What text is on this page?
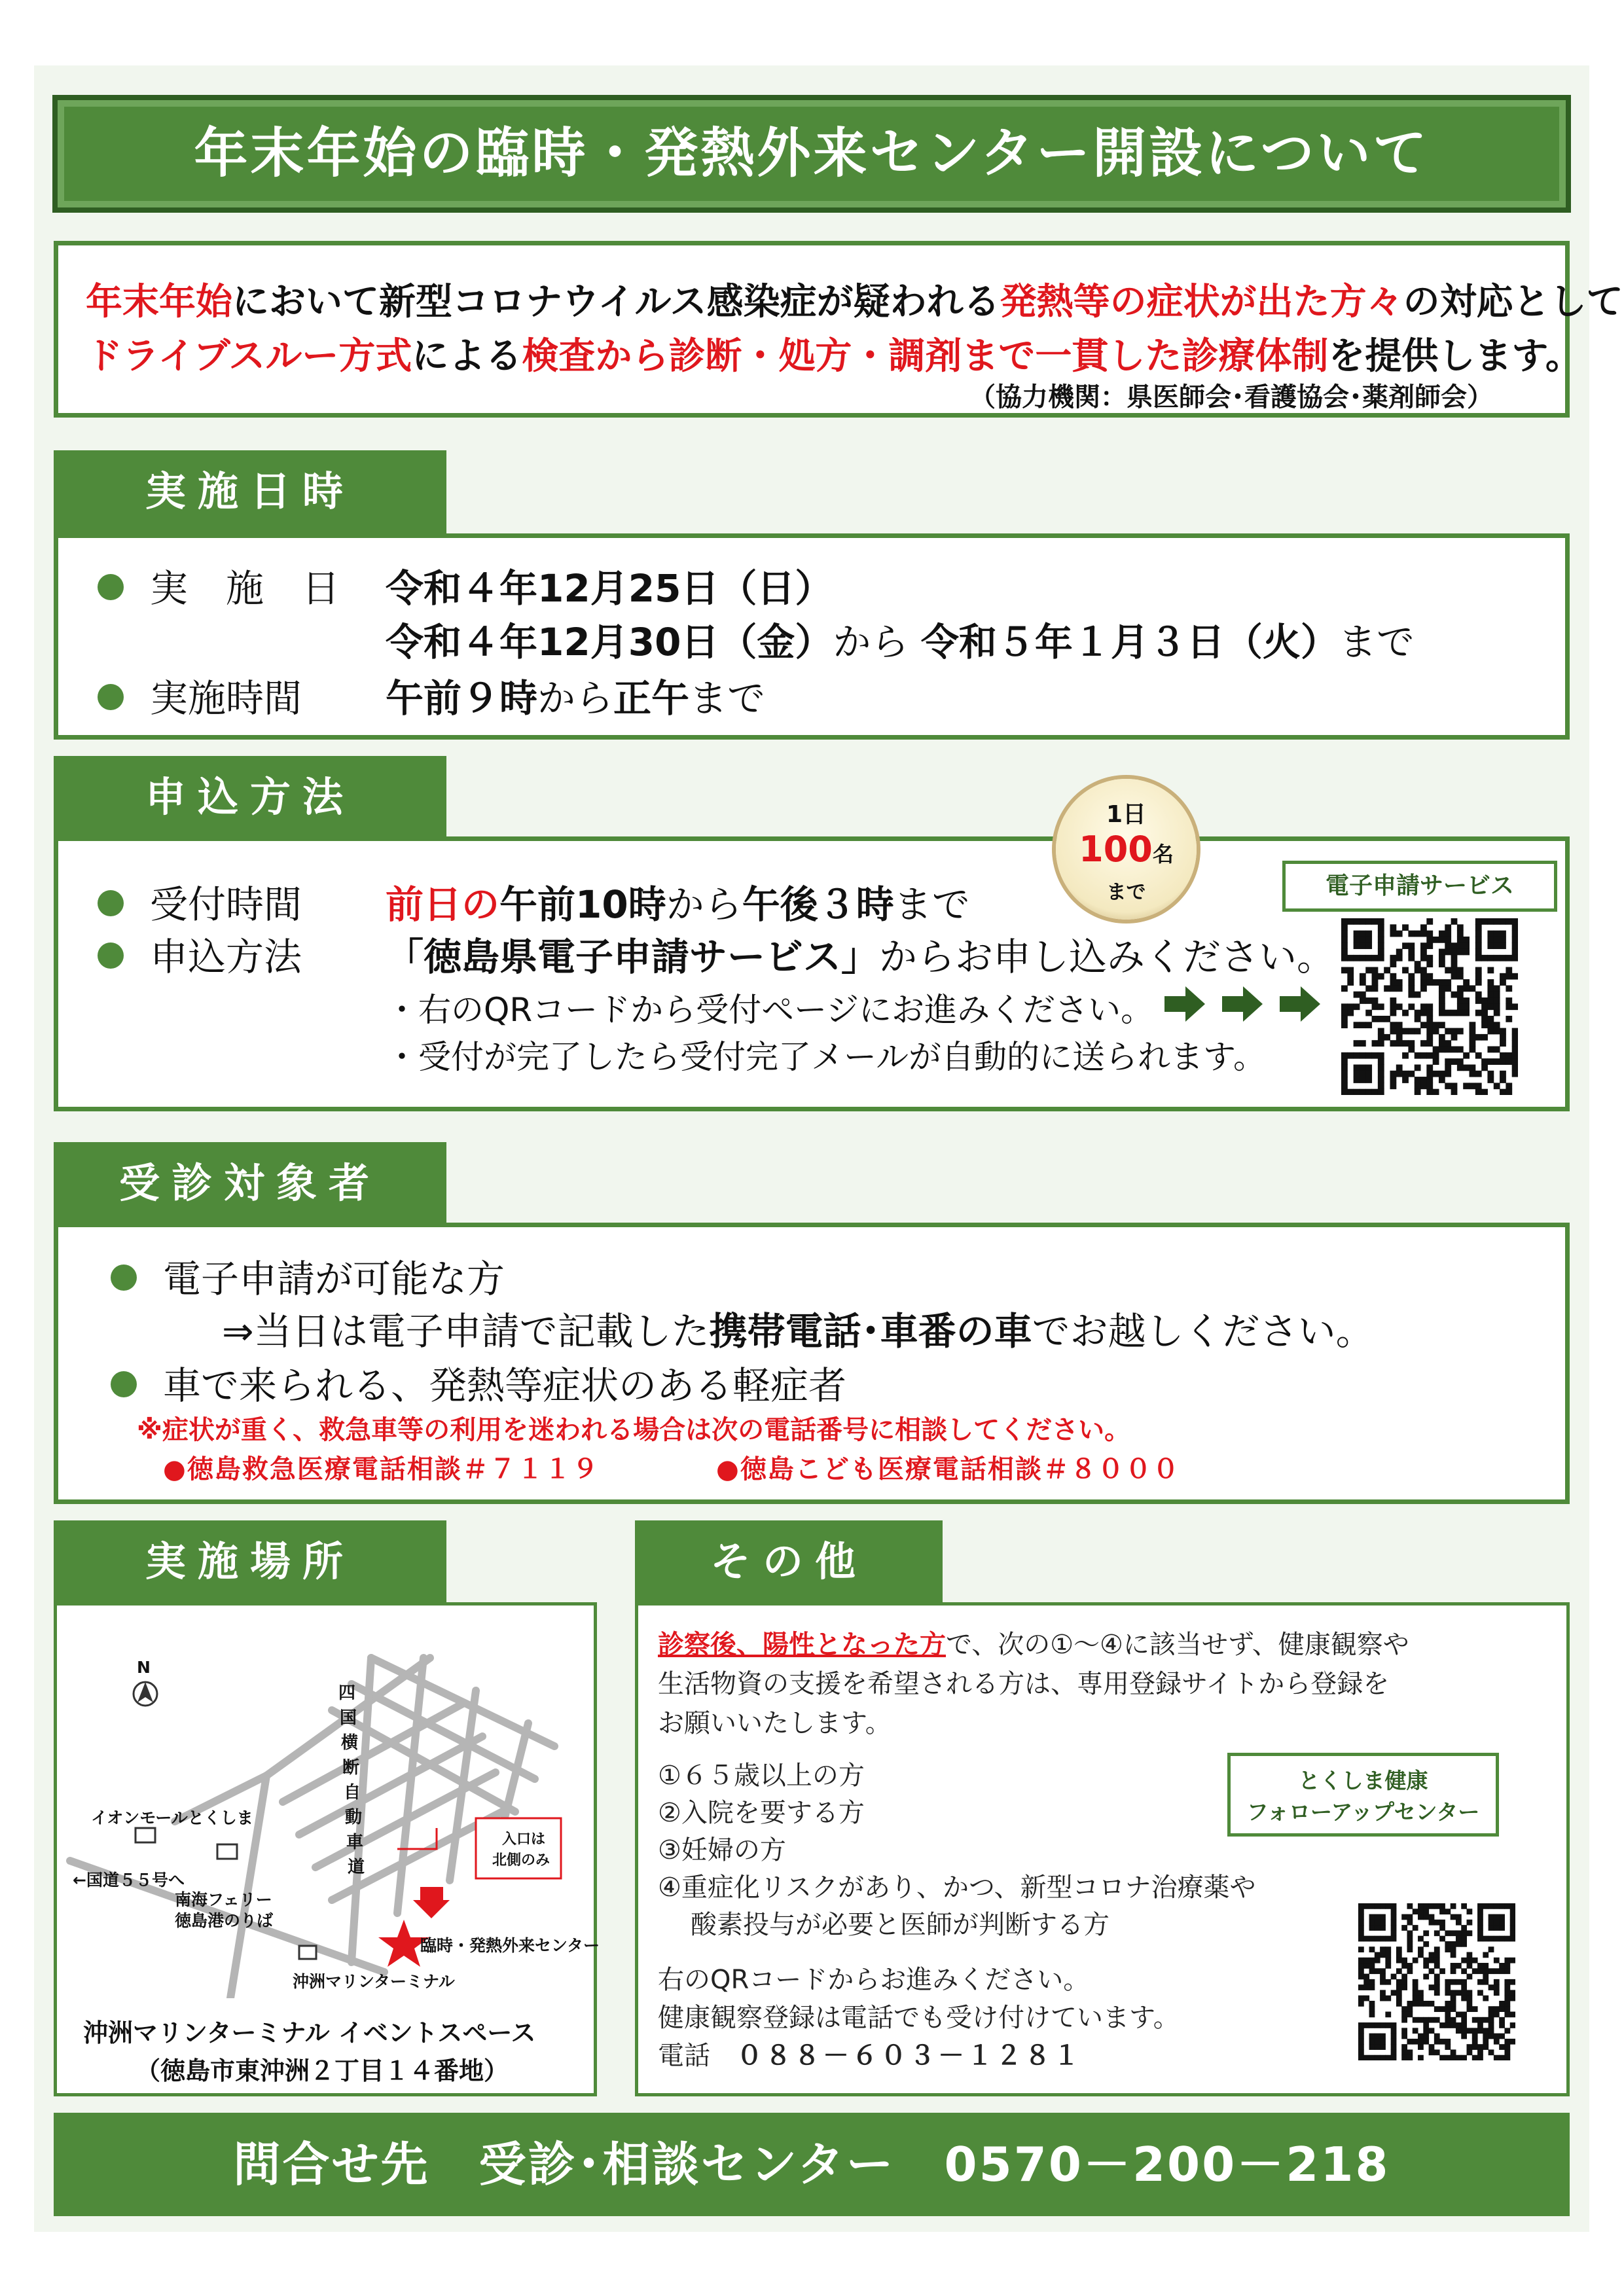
年末年始の臨時・発熱外来センター開設について
年末年始において新型コロナウイルス感染症が疑われる発熱等の症状が出た方々の対応として
ドライブスルー方式による検査から診断・処方・調剤まで一貫した診療体制を提供します。
（協力機関：県医師会･看護協会･薬剤師会）
実施日時
実　施　日 令和４年12月25日（日）
令和４年12月30日（金）から 令和５年１月３日（火）まで
実施時間 午前９時から正午まで
申込方法
受付時間 前日の午前10時から午後３時まで
申込方法 「徳島県電子申請サービス」からお申し込みください。
・右のQRコードから受付ページにお進みください。
・受付が完了したら受付完了メールが自動的に送られます。
電子申請サービス
1日
100名
まで
受診対象者
電子申請が可能な方
⇒当日は電子申請で記載した携帯電話･車番の車でお越しください。
車で来られる、発熱等症状のある軽症者
※症状が重く、救急車等の利用を迷われる場合は次の電話番号に相談してください。
●徳島救急医療電話相談＃７１１９	●徳島こども医療電話相談＃８０００
実施場所
N
イオンモールとくしま
←国道５５号へ
南海フェリー
徳島港のりば
沖洲マリンターミナル
臨時・発熱外来センター
入口は
北側のみ
四
国
横
断
自
動
車
道
沖洲マリンターミナル イベントスペース
（徳島市東沖洲２丁目１４番地）
その他
診察後、陽性となった方で、次の①～④に該当せず、健康観察や
生活物資の支援を希望される方は、専用登録サイトから登録を
お願いいたします。
①６５歳以上の方
②入院を要する方
③妊婦の方
④重症化リスクがあり、かつ、新型コロナ治療薬や
酸素投与が必要と医師が判断する方
右のQRコードからお進みください。
健康観察登録は電話でも受け付けています。
電話　 ０８８－６０３－１２８１
とくしま健康
フォローアップセンター
問合せ先　受診･相談センター　0570－200－218
